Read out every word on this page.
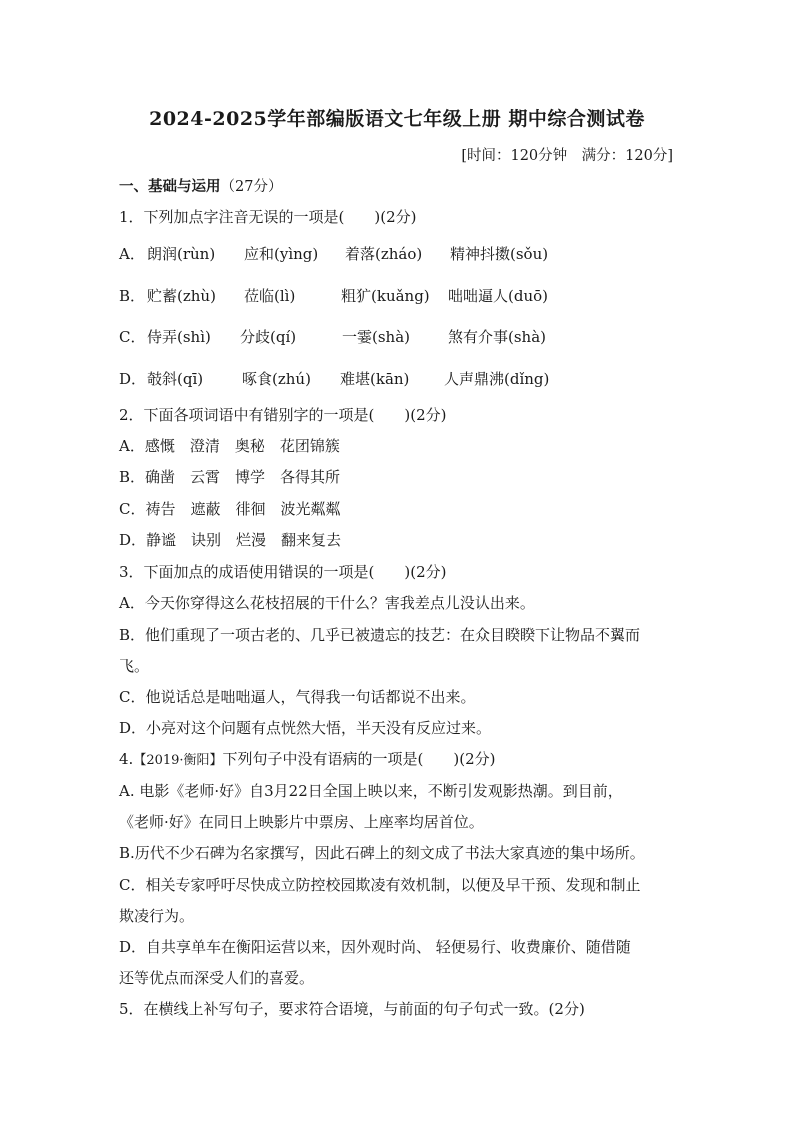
2024-2025学年部编版语文七年级上册 期中综合测试卷
[时间：120分钟　满分：120分]
一、基础与运用（27分）
1．下列加点字注音无误的一项是(　　)(2分)
A． 朗润(rùn) 应和(yìng) 着落(zháo) 精神抖擞(sǒu)
B． 贮蓄(zhù) 莅临(lì)	粗犷(kuǎng) 咄咄逼人(duō)
C． 侍弄(shì) 分歧(qí)	一霎(shà)	煞有介事(shà)
D． 攲斜(qī)	啄食(zhú) 难堪(kān) 人声鼎沸(dǐng)
2．下面各项词语中有错别字的一项是(　　)(2分)
A．感慨　澄清　奥秘　花团锦簇
B．确凿　云霄　博学　各得其所
C．祷告　遮蔽　徘徊　波光粼粼
D．静谧　诀别　烂漫　翻来复去
3．下面加点的成语使用错误的一项是(　　)(2分)
A．今天你穿得这么花枝招展的干什么？害我差点儿没认出来。
B．他们重现了一项古老的、几乎已被遗忘的技艺：在众目睽睽下让物品不翼而
飞。
C．他说话总是咄咄逼人，气得我一句话都说不出来。
D．小亮对这个问题有点恍然大悟，半天没有反应过来。
4.【2019·衡阳】下列句子中没有语病的一项是(　　)(2分)
A. 电影《老师·好》自3月22日全国上映以来，不断引发观影热潮。到目前，
《老师·好》在同日上映影片中票房、上座率均居首位。
B.历代不少石碑为名家撰写，因此石碑上的刻文成了书法大家真迹的集中场所。
C．相关专家呼吁尽快成立防控校园欺凌有效机制，以便及早干预、发现和制止
欺凌行为。
D．自共享单车在衡阳运营以来，因外观时尚、 轻便易行、收费廉价、随借随
还等优点而深受人们的喜爱。
5．在横线上补写句子，要求符合语境，与前面的句子句式一致。(2分)
